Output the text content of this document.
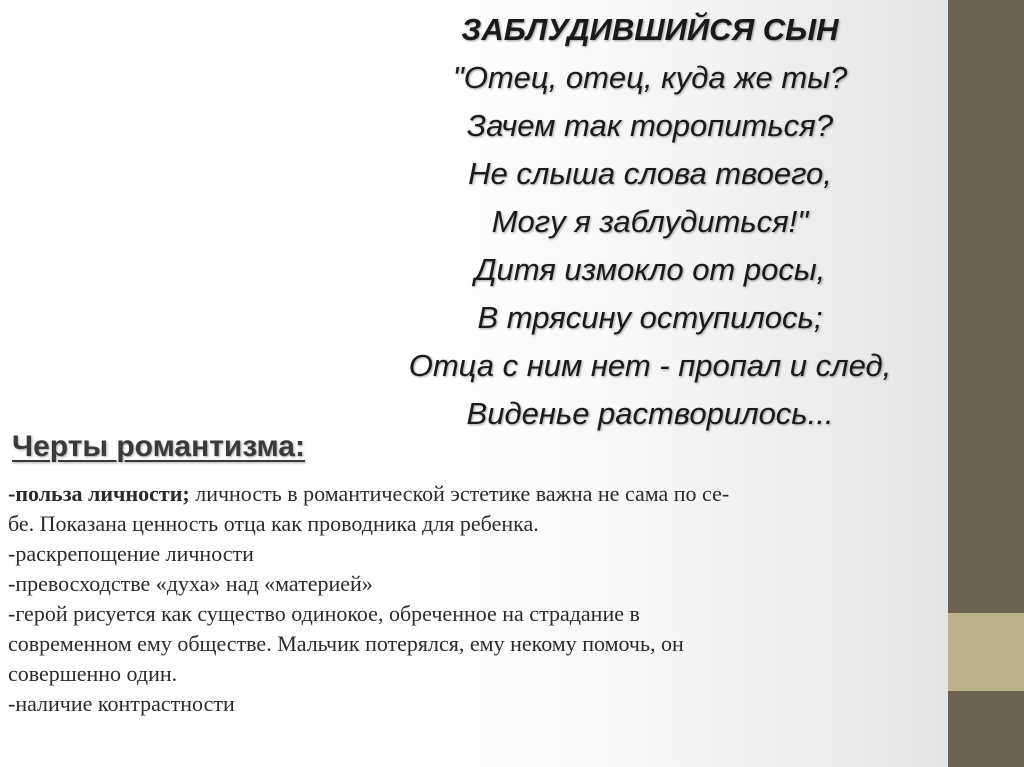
ЗАБЛУДИВШИЙСЯ СЫН
"Отец, отец, куда же ты?
Зачем так торопиться?
Не слыша слова твоего,
Могу я заблудиться!"
Дитя измокло от росы,
В трясину оступилось;
Отца с ним нет - пропал и след,
Виденье растворилось...
Черты романтизма:
-польза личности; личность в романтической эстетике важна не сама по се-
бе. Показана ценность отца как проводника для ребенка.
-раскрепощение личности
-превосходстве «духа» над «материей»
-герой рисуется как существо одинокое, обреченное на страдание в
современном ему обществе. Мальчик потерялся, ему некому помочь, он
совершенно один.
-наличие контрастности
